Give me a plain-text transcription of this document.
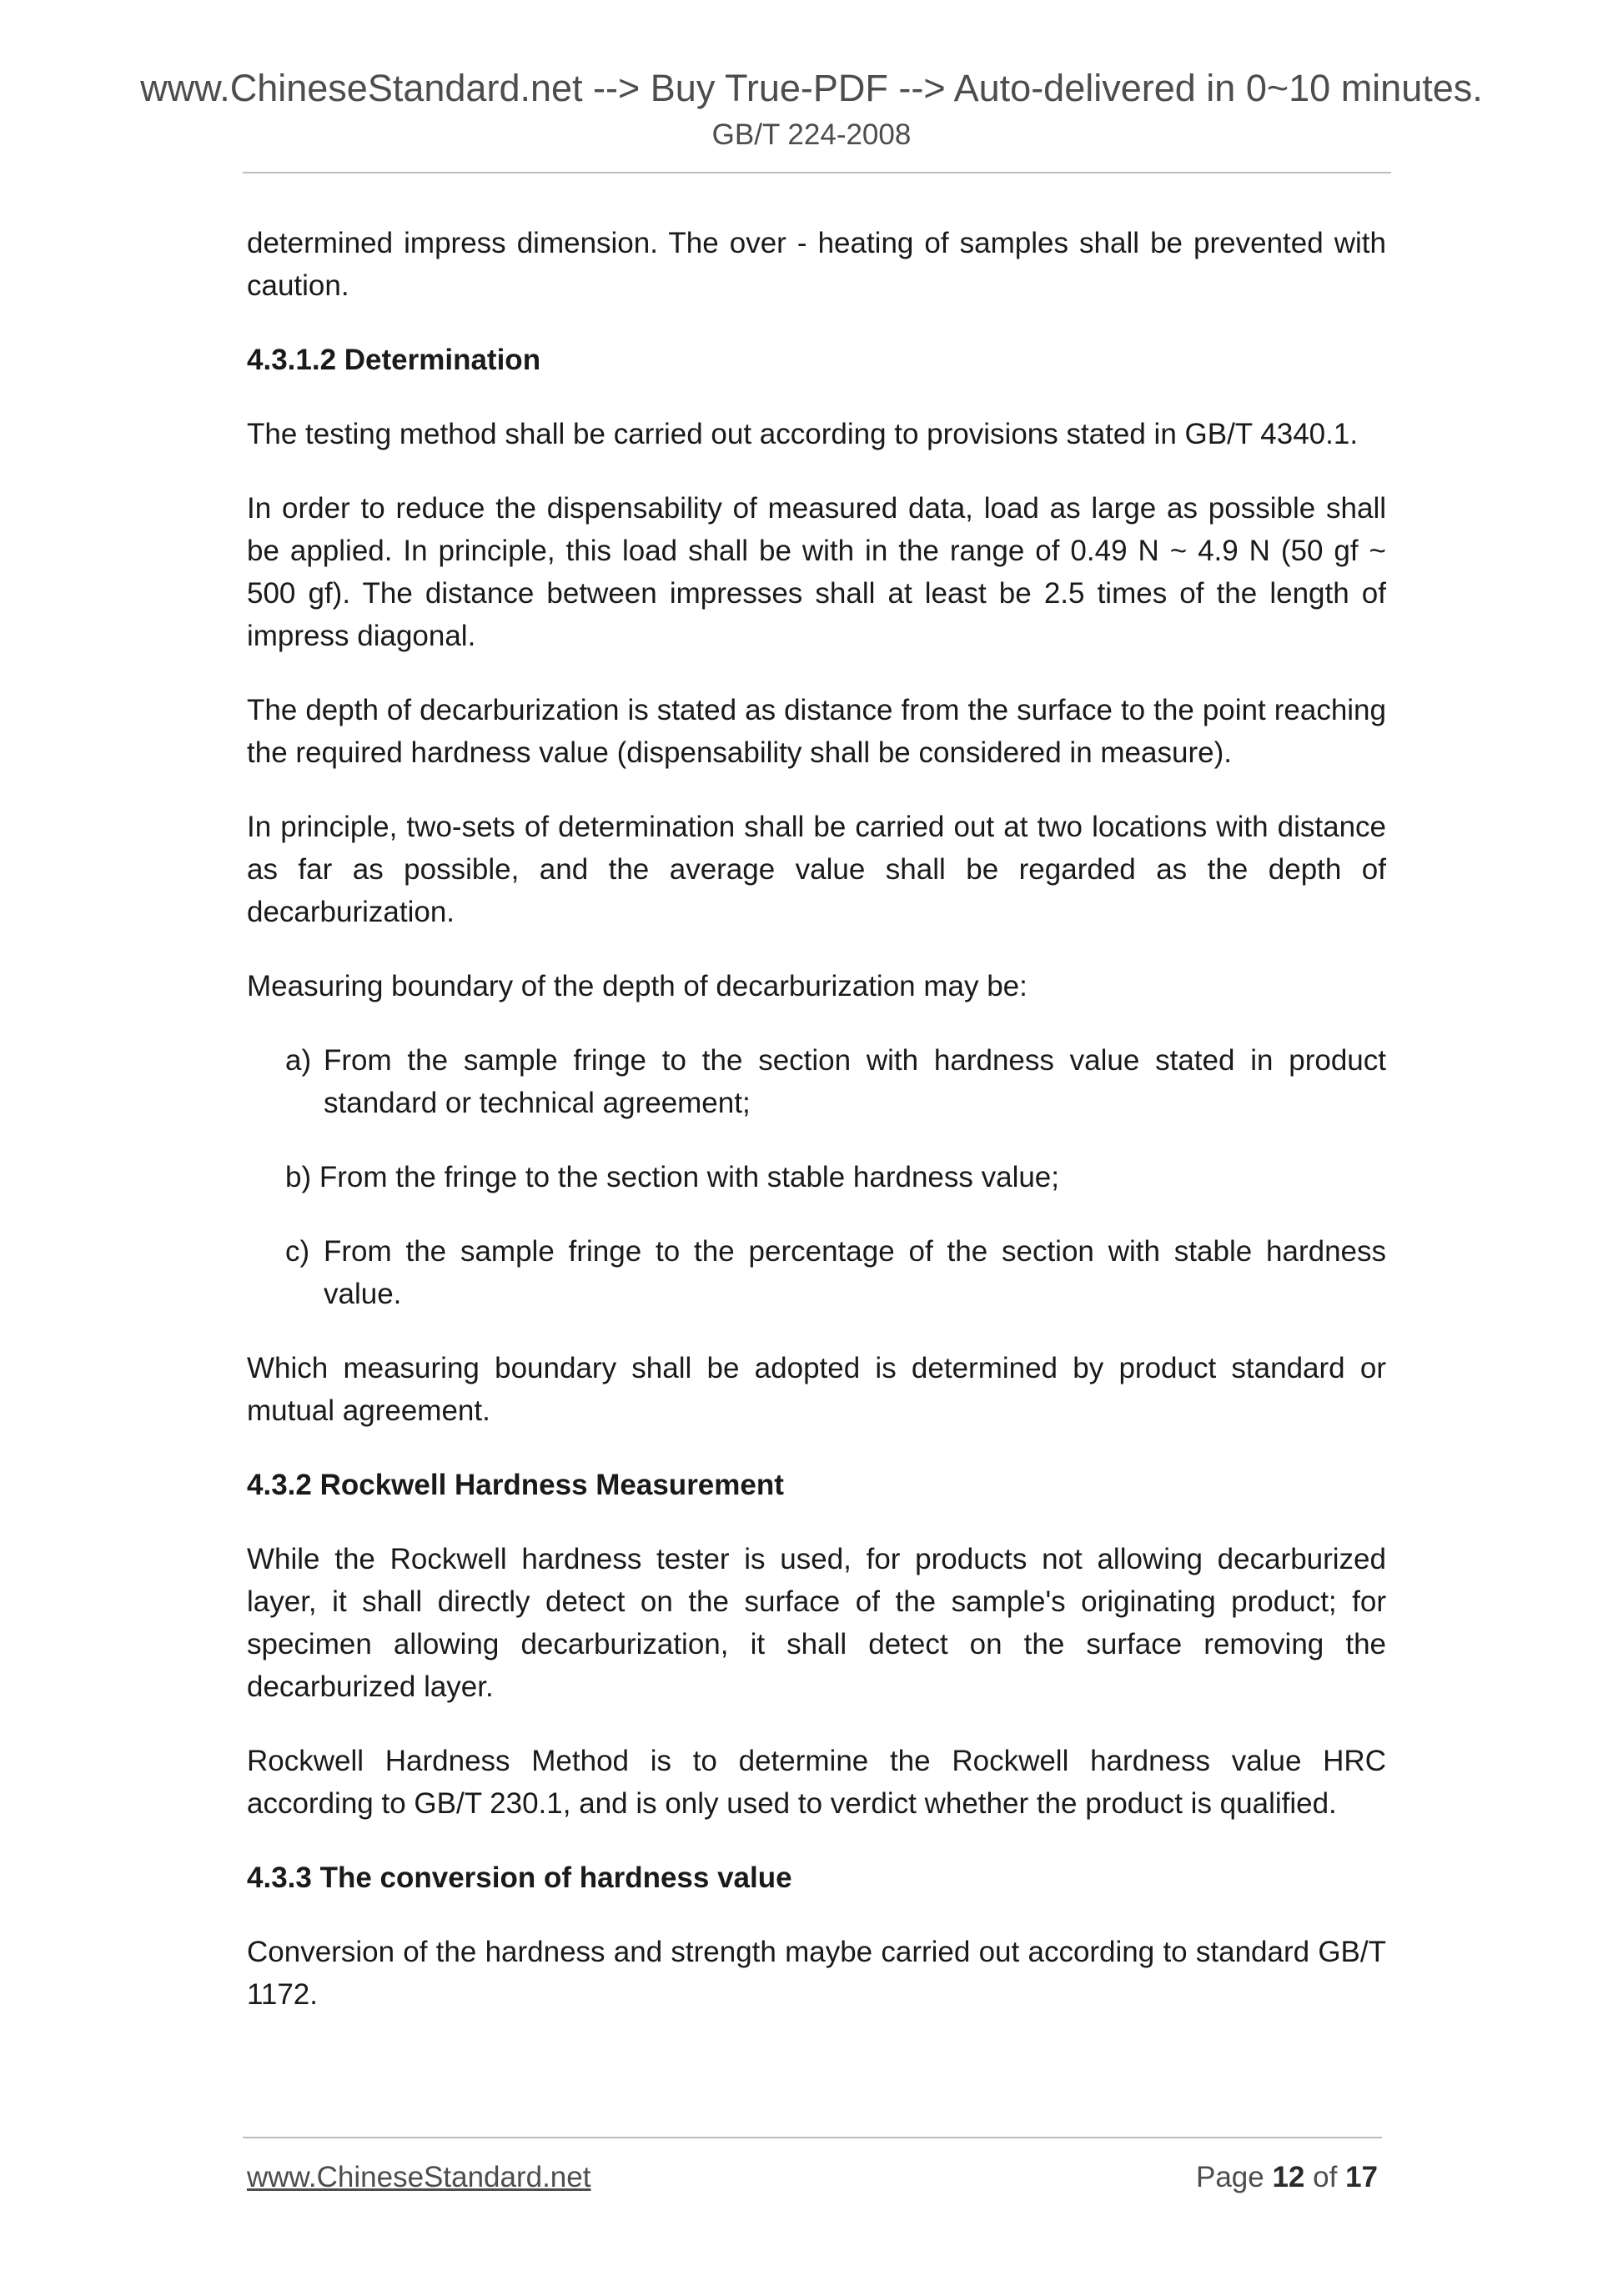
www.ChineseStandard.net --> Buy True-PDF --> Auto-delivered in 0~10 minutes.

GB/T 224-2008

determined impress dimension. The over - heating of samples shall be prevented with caution.

4.3.1.2 Determination

The testing method shall be carried out according to provisions stated in GB/T 4340.1.

In order to reduce the dispensability of measured data, load as large as possible shall be applied. In principle, this load shall be with in the range of 0.49 N ~ 4.9 N (50 gf ~ 500 gf). The distance between impresses shall at least be 2.5 times of the length of impress diagonal.

The depth of decarburization is stated as distance from the surface to the point reaching the required hardness value (dispensability shall be considered in measure).

In principle, two-sets of determination shall be carried out at two locations with distance as far as possible, and the average value shall be regarded as the depth of decarburization.

Measuring boundary of the depth of decarburization may be:

a) From the sample fringe to the section with hardness value stated in product standard or technical agreement;
b) From the fringe to the section with stable hardness value;
c) From the sample fringe to the percentage of the section with stable hardness value.

Which measuring boundary shall be adopted is determined by product standard or mutual agreement.

4.3.2 Rockwell Hardness Measurement

While the Rockwell hardness tester is used, for products not allowing decarburized layer, it shall directly detect on the surface of the sample's originating product; for specimen allowing decarburization, it shall detect on the surface removing the decarburized layer.

Rockwell Hardness Method is to determine the Rockwell hardness value HRC according to GB/T 230.1, and is only used to verdict whether the product is qualified.

4.3.3 The conversion of hardness value

Conversion of the hardness and strength maybe carried out according to standard GB/T 1172.

www.ChineseStandard.net	Page 12 of 17
